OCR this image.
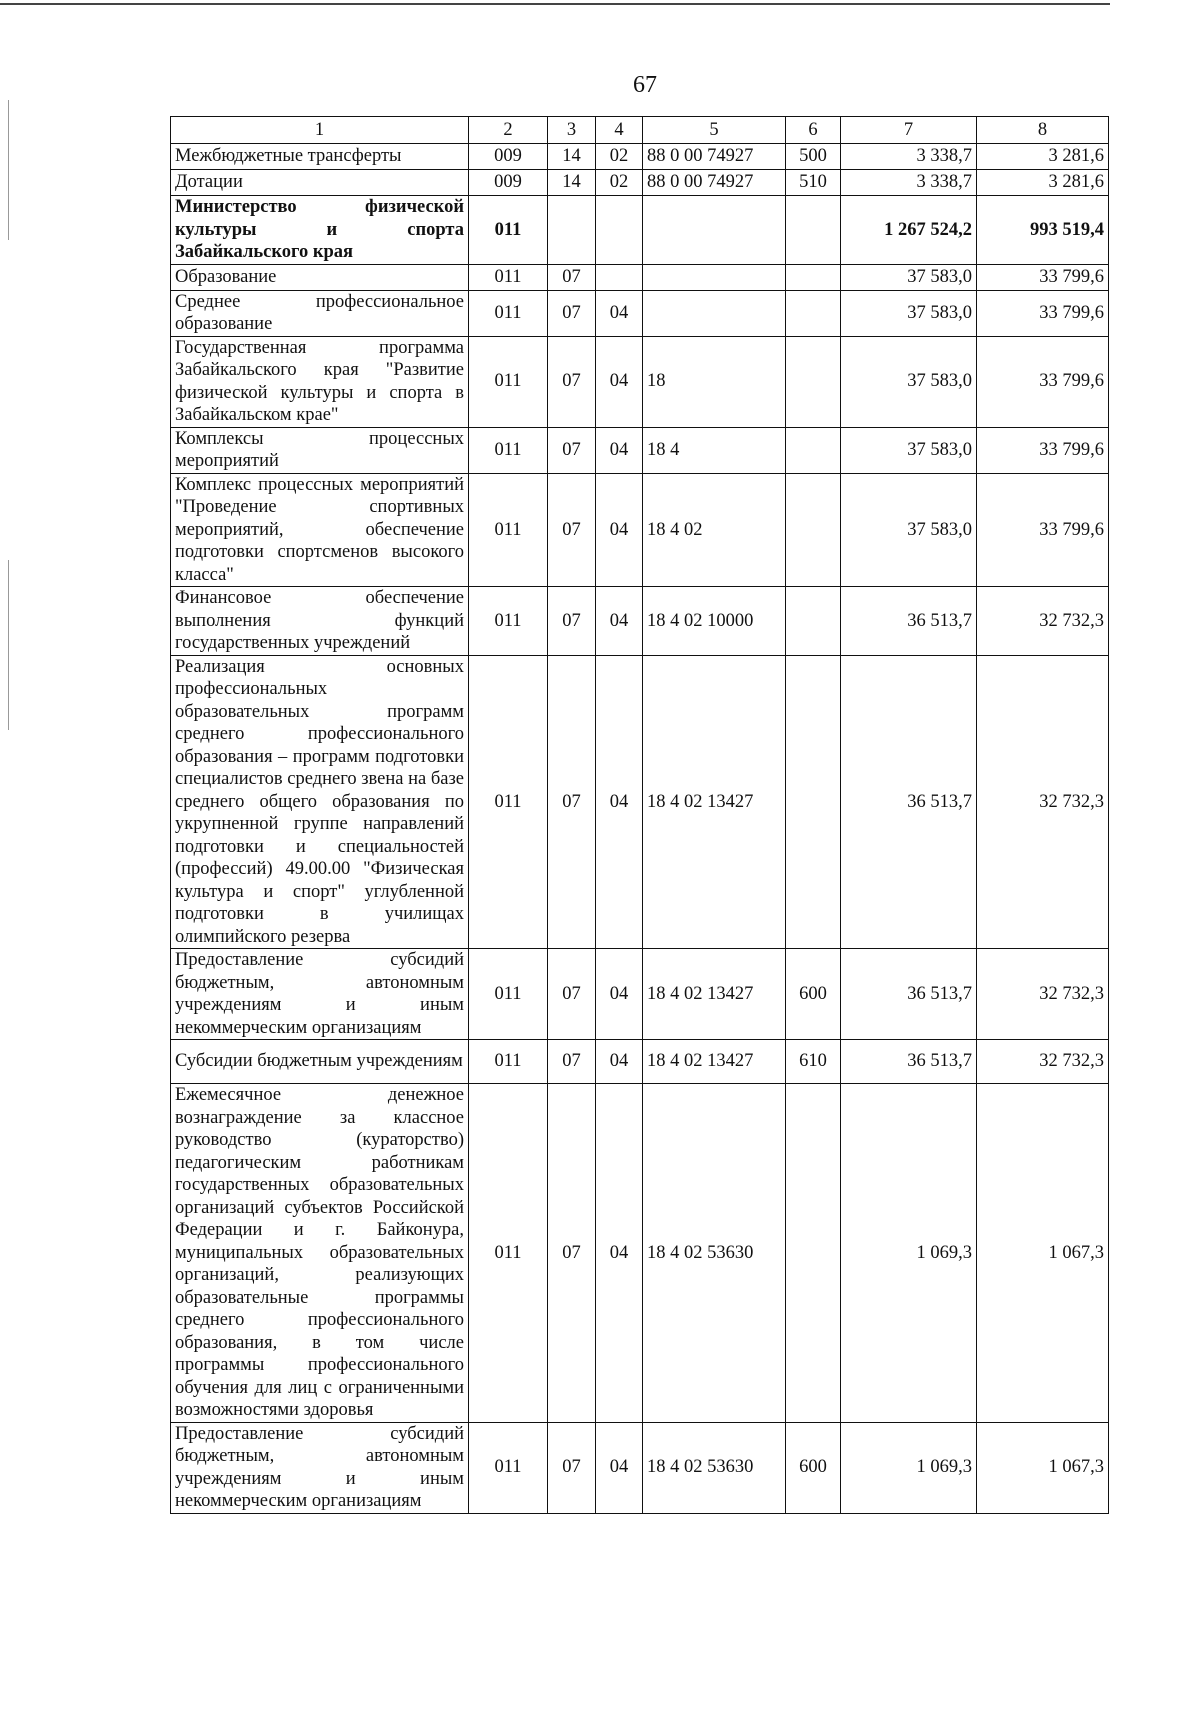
67
1	2	3	4	5	6	7	8
Межбюджетные трансферты	009	14	02	88 0 00 74927	500	3 338,7	3 281,6
Дотации	009	14	02	88 0 00 74927	510	3 338,7	3 281,6
Министерство физической культуры и спорта Забайкальского края	011					1 267 524,2	993 519,4
Образование	011	07				37 583,0	33 799,6
Среднее профессиональное образование	011	07	04			37 583,0	33 799,6
Государственная программа Забайкальского края "Развитие физической культуры и спорта в Забайкальском крае"	011	07	04	18		37 583,0	33 799,6
Комплексы процессных мероприятий	011	07	04	18 4		37 583,0	33 799,6
Комплекс процессных мероприятий "Проведение спортивных мероприятий, обеспечение подготовки спортсменов высокого класса"	011	07	04	18 4 02		37 583,0	33 799,6
Финансовое обеспечение выполнения функций государственных учреждений	011	07	04	18 4 02 10000		36 513,7	32 732,3
Реализация основных профессиональных образовательных программ среднего профессионального образования – программ подготовки специалистов среднего звена на базе среднего общего образования по укрупненной группе направлений подготовки и специальностей (профессий) 49.00.00 "Физическая культура и спорт" углубленной подготовки в училищах олимпийского резерва	011	07	04	18 4 02 13427		36 513,7	32 732,3
Предоставление субсидий бюджетным, автономным учреждениям и иным некоммерческим организациям	011	07	04	18 4 02 13427	600	36 513,7	32 732,3
Субсидии бюджетным учреждениям	011	07	04	18 4 02 13427	610	36 513,7	32 732,3
Ежемесячное денежное вознаграждение за классное руководство (кураторство) педагогическим работникам государственных образовательных организаций субъектов Российской Федерации и г. Байконура, муниципальных образовательных организаций, реализующих образовательные программы среднего профессионального образования, в том числе программы профессионального обучения для лиц с ограниченными возможностями здоровья	011	07	04	18 4 02 53630		1 069,3	1 067,3
Предоставление субсидий бюджетным, автономным учреждениям и иным некоммерческим организациям	011	07	04	18 4 02 53630	600	1 069,3	1 067,3
